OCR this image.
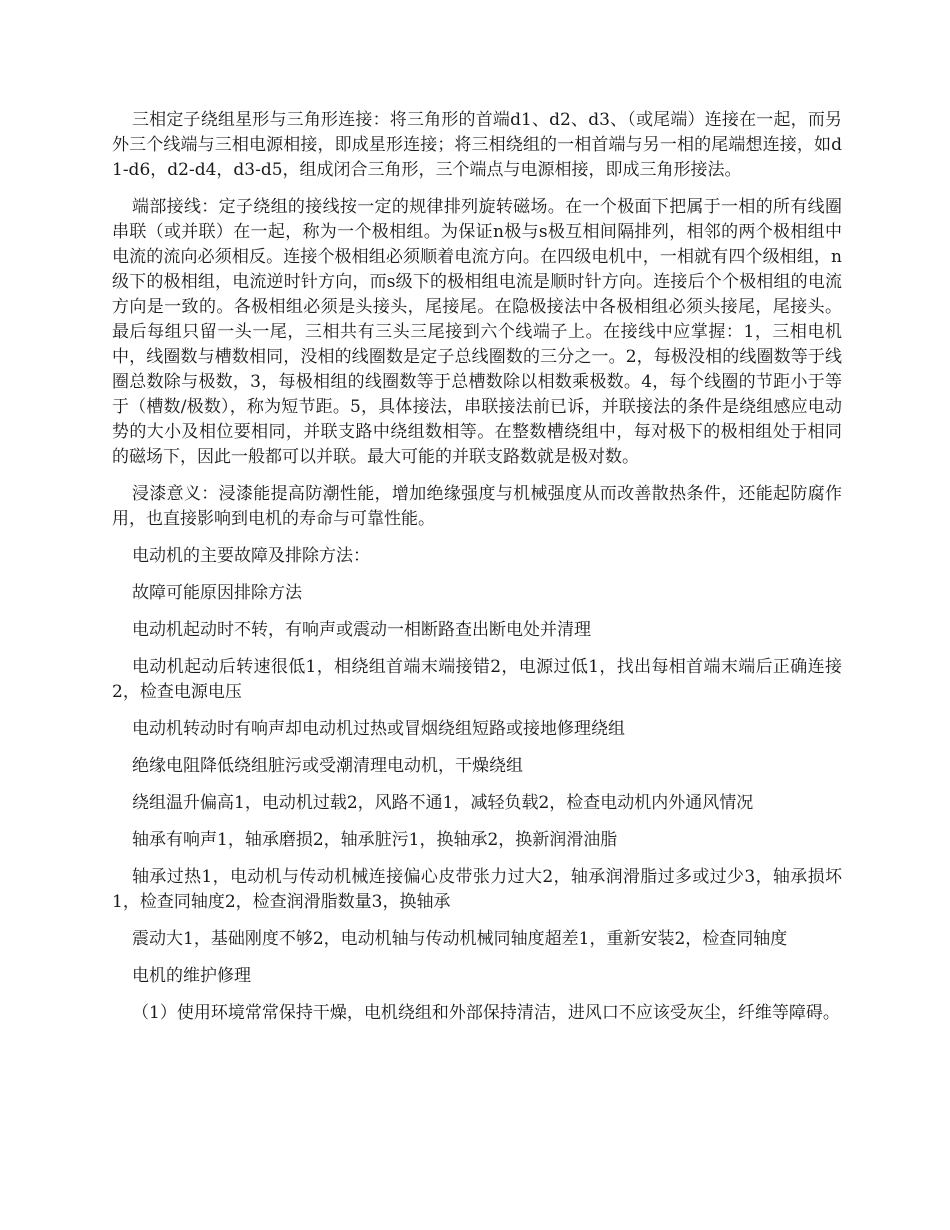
三相定子绕组星形与三角形连接：将三角形的首端d1、d2、d3、（或尾端）连接在一起，而另外三个线端与三相电源相接，即成星形连接；将三相绕组的一相首端与另一相的尾端想连接，如d1-d6，d2-d4，d3-d5，组成闭合三角形，三个端点与电源相接，即成三角形接法。

端部接线：定子绕组的接线按一定的规律排列旋转磁场。在一个极面下把属于一相的所有线圈串联（或并联）在一起，称为一个极相组。为保证n极与s极互相间隔排列，相邻的两个极相组中电流的流向必须相反。连接个极相组必须顺着电流方向。在四级电机中，一相就有四个级相组，n级下的极相组，电流逆时针方向，而s级下的极相组电流是顺时针方向。连接后个个极相组的电流方向是一致的。各极相组必须是头接头，尾接尾。在隐极接法中各极相组必须头接尾，尾接头。最后每组只留一头一尾，三相共有三头三尾接到六个线端子上。在接线中应掌握：1，三相电机中，线圈数与槽数相同，没相的线圈数是定子总线圈数的三分之一。2，每极没相的线圈数等于线圈总数除与极数，3，每极相组的线圈数等于总槽数除以相数乘极数。4，每个线圈的节距小于等于（槽数/极数），称为短节距。5，具体接法，串联接法前已诉，并联接法的条件是绕组感应电动势的大小及相位要相同，并联支路中绕组数相等。在整数槽绕组中，每对极下的极相组处于相同的磁场下，因此一般都可以并联。最大可能的并联支路数就是极对数。

浸漆意义：浸漆能提高防潮性能，增加绝缘强度与机械强度从而改善散热条件，还能起防腐作用，也直接影响到电机的寿命与可靠性能。

电动机的主要故障及排除方法：

故障可能原因排除方法

电动机起动时不转，有响声或震动一相断路查出断电处并清理

电动机起动后转速很低1，相绕组首端末端接错2，电源过低1，找出每相首端末端后正确连接2，检查电源电压

电动机转动时有响声却电动机过热或冒烟绕组短路或接地修理绕组

绝缘电阻降低绕组脏污或受潮清理电动机，干燥绕组

绕组温升偏高1，电动机过载2，风路不通1，减轻负载2，检查电动机内外通风情况

轴承有响声1，轴承磨损2，轴承脏污1，换轴承2，换新润滑油脂

轴承过热1，电动机与传动机械连接偏心皮带张力过大2，轴承润滑脂过多或过少3，轴承损坏1，检查同轴度2，检查润滑脂数量3，换轴承

震动大1，基础刚度不够2，电动机轴与传动机械同轴度超差1，重新安装2，检查同轴度

电机的维护修理

（1）使用环境常常保持干燥，电机绕组和外部保持清洁，进风口不应该受灰尘，纤维等障碍。
